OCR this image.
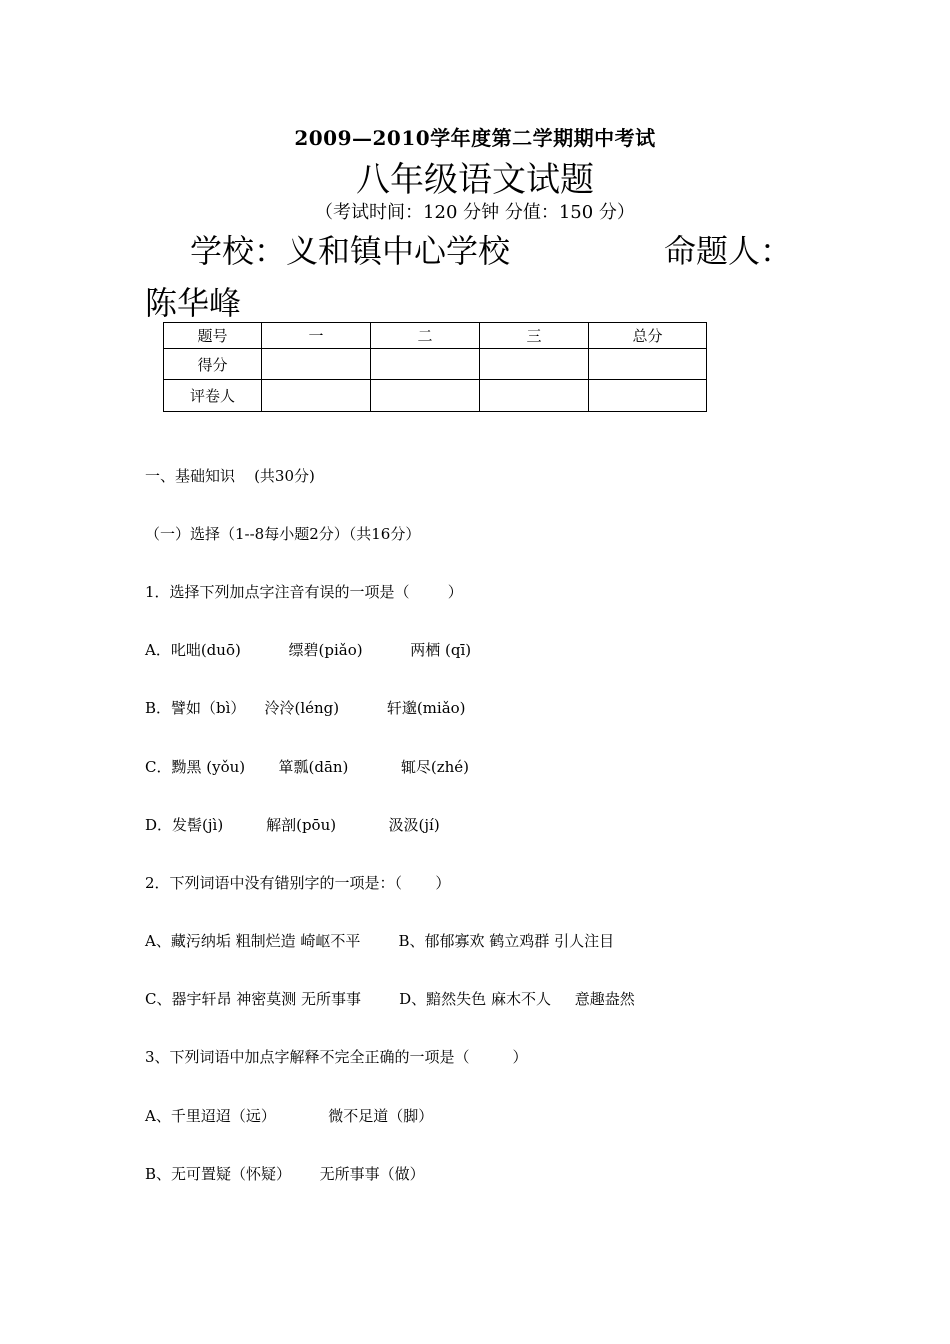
2009—2010学年度第二学期期中考试
八年级语文试题
（考试时间：120 分钟 分值：150 分）
学校：义和镇中心学校	命题人：
陈华峰
题号	一	二	三	总分
得分				
评卷人				
一、基础知识    (共30分)
（一）选择（1--8每小题2分）（共16分）
1．选择下列加点字注音有误的一项是（        ）
A．叱咄(duō)          缥碧(piǎo)          两栖 (qī)
B．譬如（bì）    泠泠(léng)          轩邈(miǎo)
C．黝黑 (yǒu)       箪瓢(dān)           辄尽(zhé)
D．发髻(jì)         解剖(pōu)           汲汲(jí)
2．下列词语中没有错别字的一项是：（       ）
A、藏污纳垢 粗制烂造 崎岖不平        B、郁郁寡欢 鹤立鸡群 引人注目
C、器宇轩昂 神密莫测 无所事事        D、黯然失色 麻木不人     意趣盎然
3、下列词语中加点字解释不完全正确的一项是（         ）
A、千里迢迢（远）           微不足道（脚）
B、无可置疑（怀疑）      无所事事（做）
